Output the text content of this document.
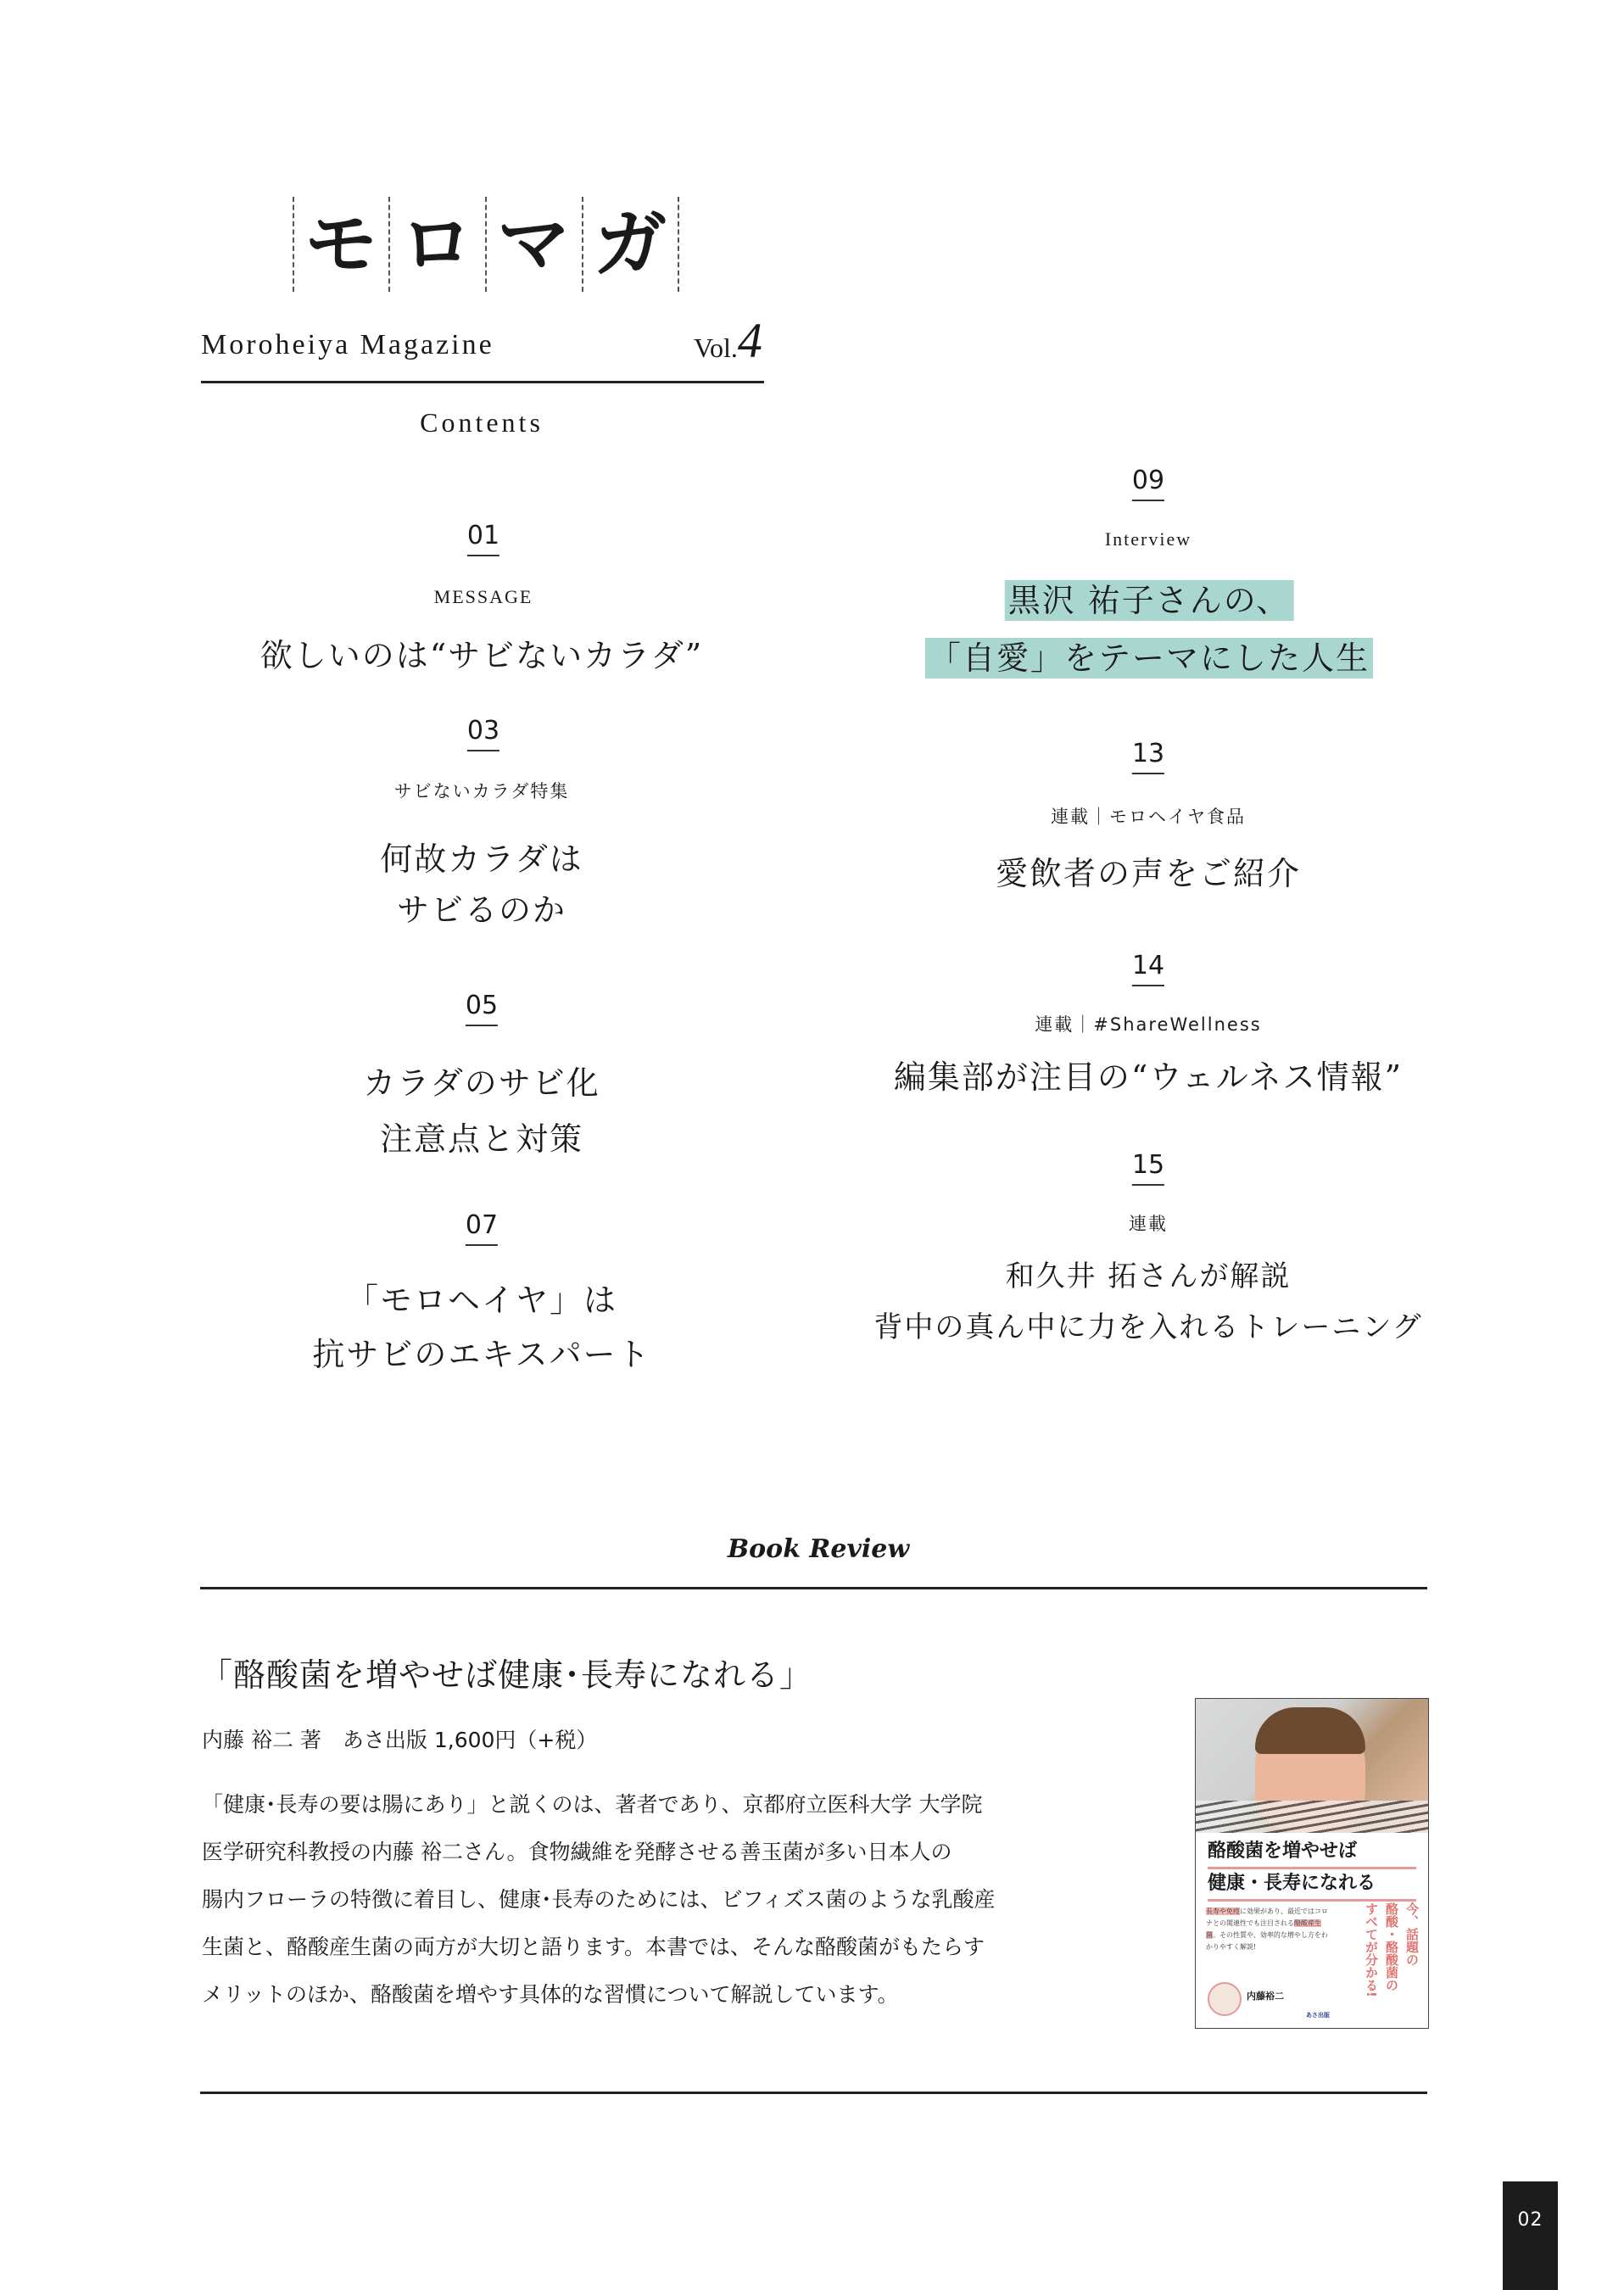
モ ロ マ ガ
Moroheiya Magazine	Vol.4
Contents
01
MESSAGE
欲しいのは“サビないカラダ”
03
サビないカラダ特集
何故カラダは
サビるのか
05
カラダのサビ化
注意点と対策
07
「モロヘイヤ」は
抗サビのエキスパート
09
Interview
黒沢 祐子さんの、
「自愛」をテーマにした人生
13
連載｜モロヘイヤ食品
愛飲者の声をご紹介
14
連載｜#ShareWellness
編集部が注目の“ウェルネス情報”
15
連載
和久井 拓さんが解説
背中の真ん中に力を入れるトレーニング
Book Review
「酪酸菌を増やせば健康･長寿になれる」
内藤 裕二 著　あさ出版 1,600円（+税）
「健康･長寿の要は腸にあり」と説くのは、著者であり、京都府立医科大学 大学院
医学研究科教授の内藤 裕二さん。食物繊維を発酵させる善玉菌が多い日本人の
腸内フローラの特徴に着目し、健康･長寿のためには、ビフィズス菌のような乳酸産
生菌と、酪酸産生菌の両方が大切と語ります。本書では、そんな酪酸菌がもたらす
メリットのほか、酪酸菌を増やす具体的な習慣について解説しています。
酪酸菌を増やせば
健康・長寿になれる
長寿や免疫に効果があり、最近ではコロナとの関連性でも注目される酪酸産生菌。その性質や、効率的な増やし方をわかりやすく解説!	今、話題の
酪酸・酪酸菌の
すべてが分かる!
内藤裕二
あさ出版
02
